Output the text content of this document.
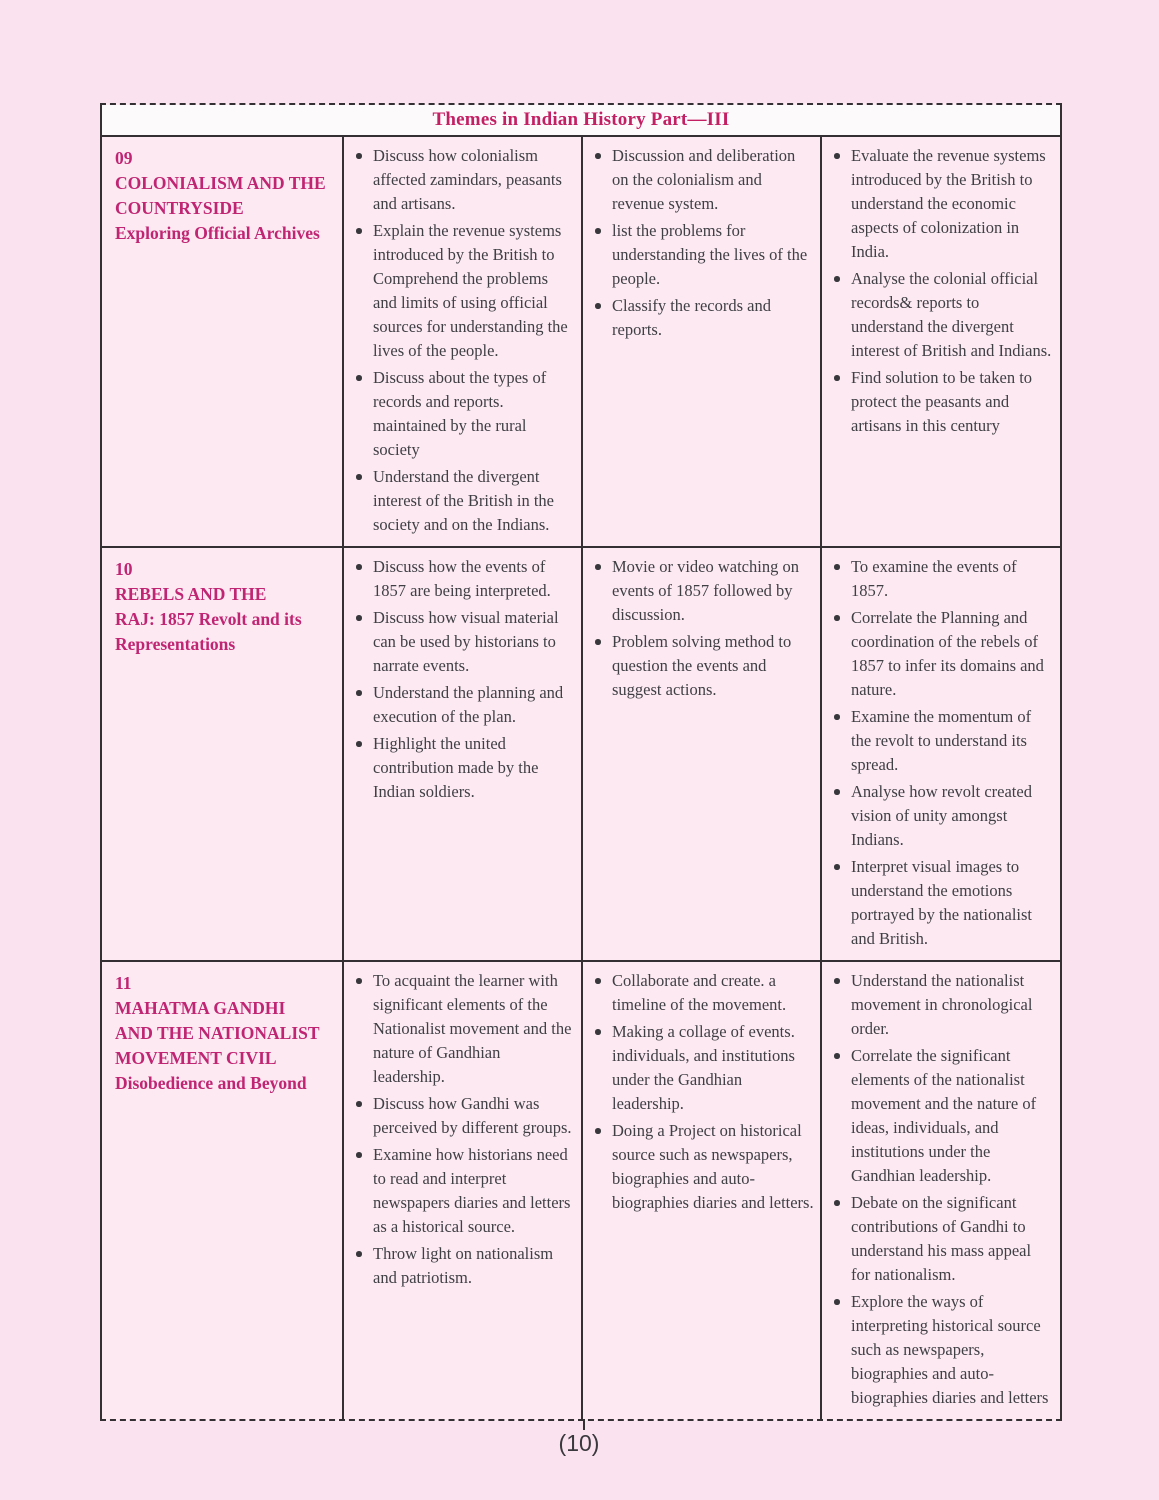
Themes in Indian History Part—III
09
COLONIALISM AND THE
COUNTRYSIDE
Exploring Official Archives
Discuss how colonialism affected zamindars, peasants and artisans.
Explain the revenue systems introduced by the British to Comprehend the problems and limits of using official sources for understanding the lives of the people.
Discuss about the types of records and reports. maintained by the rural society
Understand the divergent interest of the British in the society and on the Indians.
Discussion and deliberation on the colonialism and revenue system.
list the problems for understanding the lives of the people.
Classify the records and reports.
Evaluate the revenue systems introduced by the British to understand the economic aspects of colonization in India.
Analyse the colonial official records& reports to understand the divergent interest of British and Indians.
Find solution to be taken to protect the peasants and artisans in this century
10
REBELS AND THE
RAJ: 1857 Revolt and its
Representations
Discuss how the events of 1857 are being interpreted.
Discuss how visual material can be used by historians to narrate events.
Understand the planning and execution of the plan.
Highlight the united contribution made by the Indian soldiers.
Movie or video watching on events of 1857 followed by discussion.
Problem solving method to question the events and suggest actions.
To examine the events of 1857.
Correlate the Planning and coordination of the rebels of 1857 to infer its domains and nature.
Examine the momentum of the revolt to understand its spread.
Analyse how revolt created vision of unity amongst Indians.
Interpret visual images to understand the emotions portrayed by the nationalist and British.
11
MAHATMA GANDHI
AND THE NATIONALIST
MOVEMENT CIVIL
Disobedience and Beyond
To acquaint the learner with significant elements of the Nationalist movement and the nature of Gandhian leadership.
Discuss how Gandhi was perceived by different groups.
Examine how historians need to read and interpret newspapers diaries and letters as a historical source.
Throw light on nationalism and patriotism.
Collaborate and create. a timeline of the movement.
Making a collage of events. individuals, and institutions under the Gandhian leadership.
Doing a Project on historical source such as newspapers, biographies and auto-biographies diaries and letters.
Understand the nationalist movement in chronological order.
Correlate the significant elements of the nationalist movement and the nature of ideas, individuals, and institutions under the Gandhian leadership.
Debate on the significant contributions of Gandhi to understand his mass appeal for nationalism.
Explore the ways of interpreting historical source such as newspapers, biographies and auto-biographies diaries and letters
(10)
